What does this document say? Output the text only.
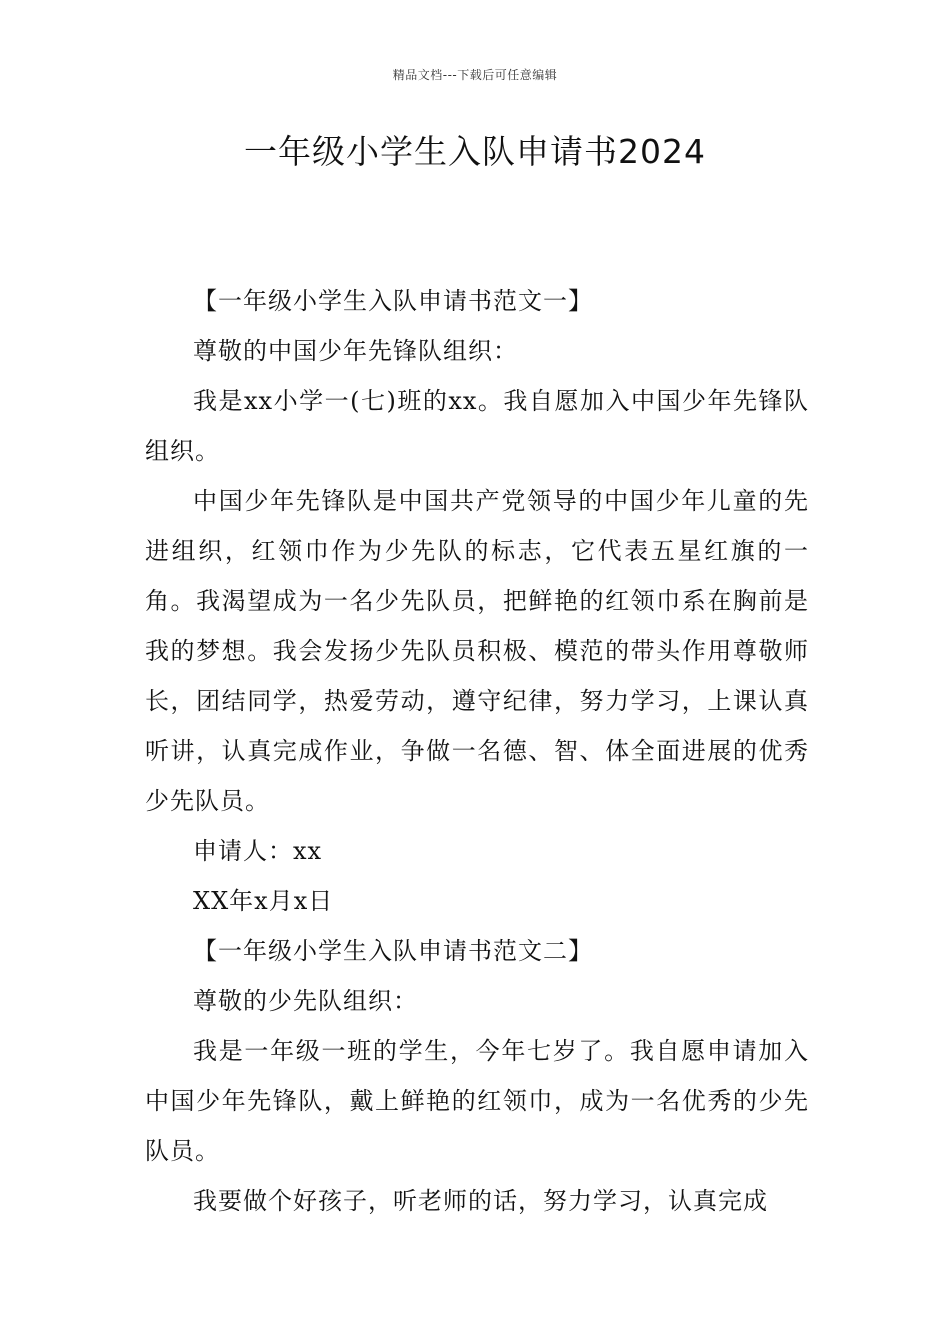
精品文档---下载后可任意编辑
一年级小学生入队申请书2024

【一年级小学生入队申请书范文一】

尊敬的中国少年先锋队组织：

我是xx小学一(七)班的xx。我自愿加入中国少年先锋队组织。

中国少年先锋队是中国共产党领导的中国少年儿童的先进组织，红领巾作为少先队的标志，它代表五星红旗的一角。我渴望成为一名少先队员，把鲜艳的红领巾系在胸前是我的梦想。我会发扬少先队员积极、模范的带头作用尊敬师长，团结同学，热爱劳动，遵守纪律，努力学习，上课认真听讲，认真完成作业，争做一名德、智、体全面进展的优秀少先队员。

申请人：xx

XX年x月x日

【一年级小学生入队申请书范文二】

尊敬的少先队组织：

我是一年级一班的学生，今年七岁了。我自愿申请加入中国少年先锋队，戴上鲜艳的红领巾，成为一名优秀的少先队员。

我要做个好孩子，听老师的话，努力学习，认真完成
